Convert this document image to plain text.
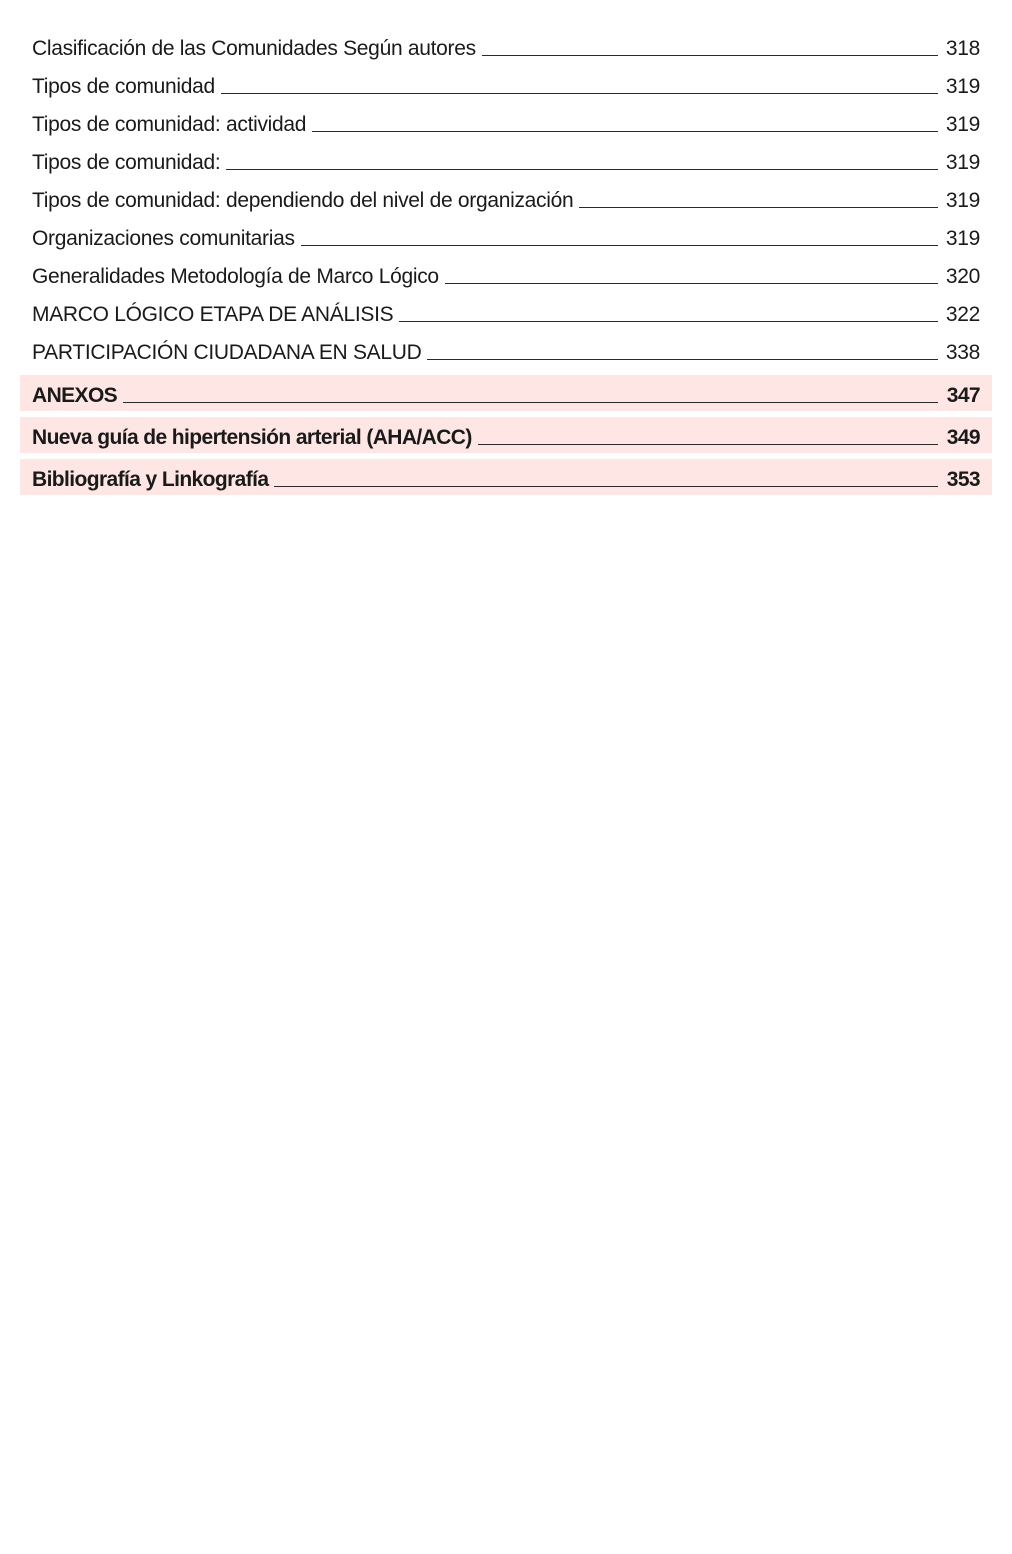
Clasificación de las Comunidades Según autores	318
Tipos de comunidad	319
Tipos de comunidad: actividad	319
Tipos de comunidad:	319
Tipos de comunidad: dependiendo del nivel de organización	319
Organizaciones comunitarias	319
Generalidades Metodología de Marco Lógico	320
MARCO LÓGICO ETAPA DE ANÁLISIS	322
PARTICIPACIÓN CIUDADANA EN SALUD	338
ANEXOS	347
Nueva guía de hipertensión arterial (AHA/ACC)	349
Bibliografía y Linkografía	353
